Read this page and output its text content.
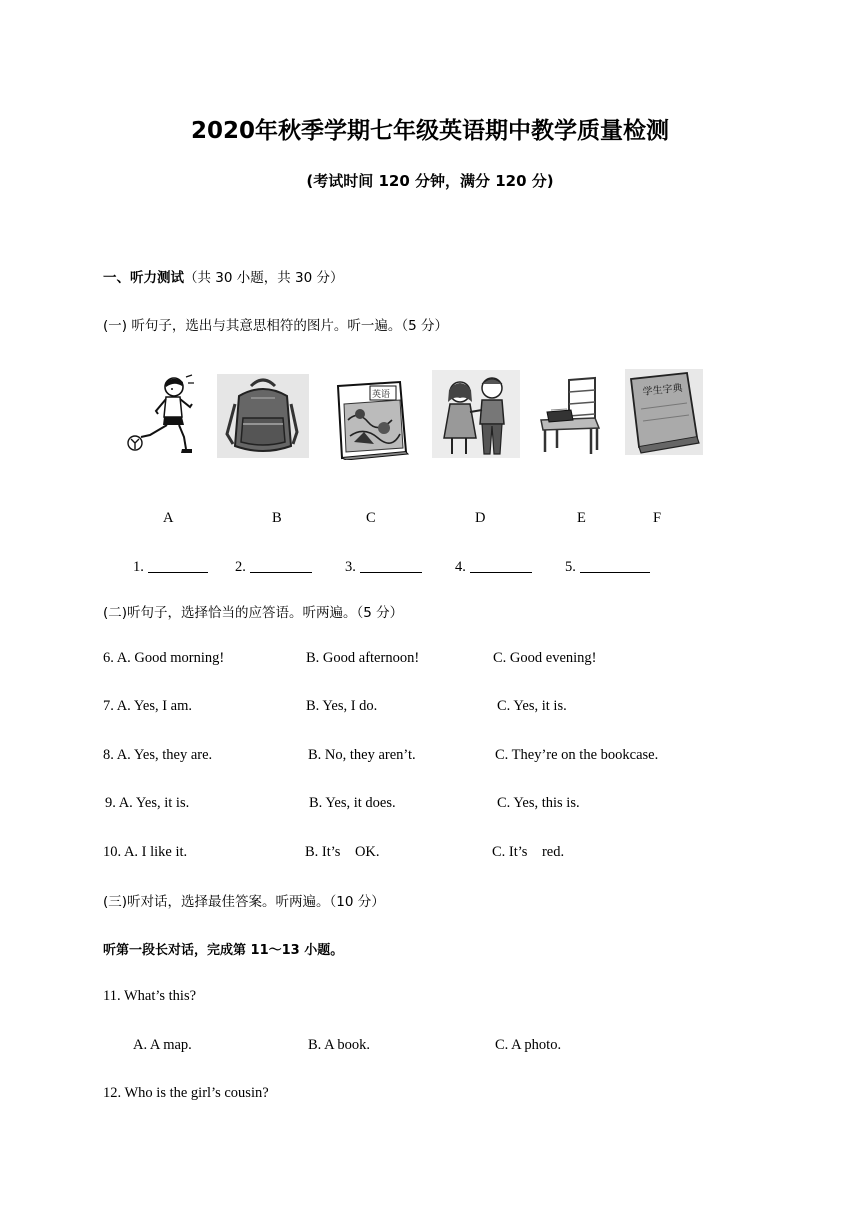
2020年秋季学期七年级英语期中教学质量检测
(考试时间 120 分钟，满分 120 分)
一、听力测试（共 30 小题，共 30 分）
(一) 听句子，选出与其意思相符的图片。听一遍。（5 分）
英语	学生字典
A	B	C	D	E	F
1.	2.	3.	4.	5.
(二)听句子，选择恰当的应答语。听两遍。（5 分）
6. A. Good morning!	B. Good afternoon!	C. Good evening!
7. A. Yes, I am.	B. Yes, I do.	C. Yes, it is.
8. A. Yes, they are.	B. No, they aren’t.	C. They’re on the bookcase.
9. A. Yes, it is.	B. Yes, it does.	C. Yes, this is.
10. A. I like it.	B. It’s    OK.	C. It’s    red.
(三)听对话，选择最佳答案。听两遍。（10 分）
听第一段长对话，完成第 11～13 小题。
11. What’s this?
A. A map.	B. A book.	C. A photo.
12. Who is the girl’s cousin?
